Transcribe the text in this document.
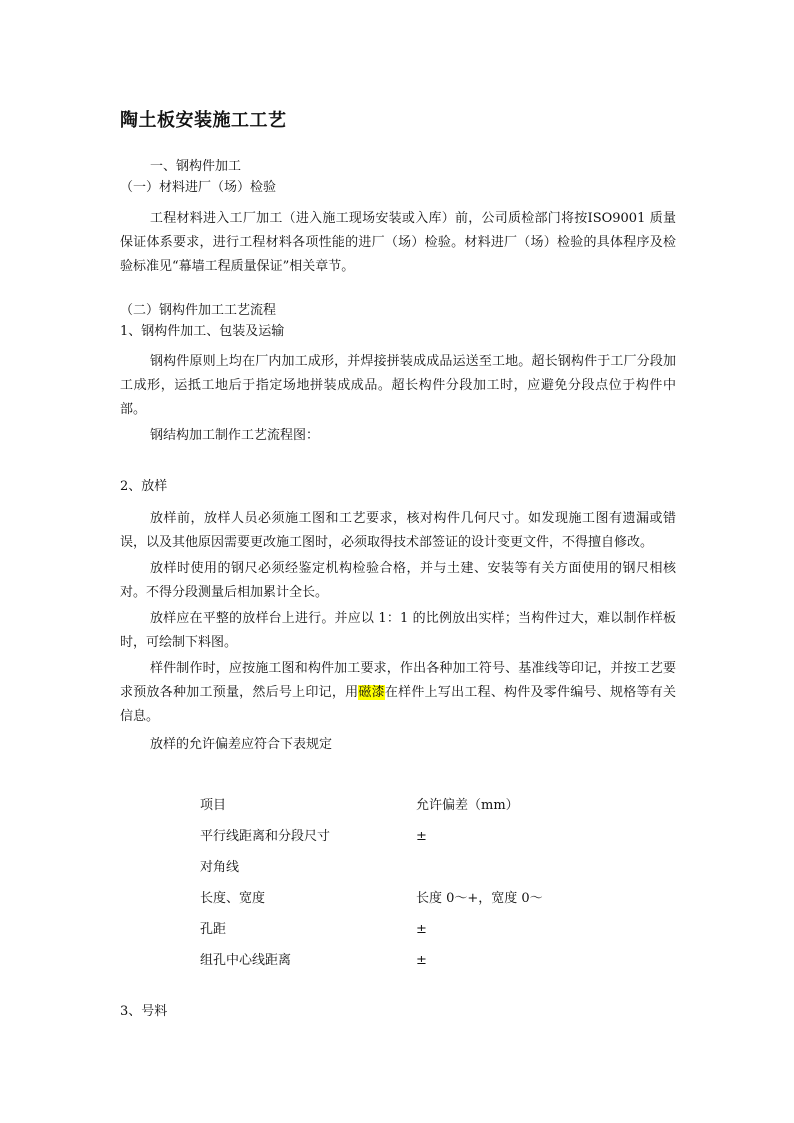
陶土板安装施工工艺
一、钢构件加工
（一）材料进厂（场）检验

工程材料进入工厂加工（进入施工现场安装或入库）前，公司质检部门将按ISO9001 质量保证体系要求，进行工程材料各项性能的进厂（场）检验。材料进厂（场）检验的具体程序及检验标准见“幕墙工程质量保证”相关章节。

（二）钢构件加工工艺流程
1、钢构件加工、包装及运输

钢构件原则上均在厂内加工成形，并焊接拼装成成品运送至工地。超长钢构件于工厂分段加工成形，运抵工地后于指定场地拼装成成品。超长构件分段加工时，应避免分段点位于构件中部。

钢结构加工制作工艺流程图：

2、放样

放样前，放样人员必须施工图和工艺要求，核对构件几何尺寸。如发现施工图有遗漏或错误，以及其他原因需要更改施工图时，必须取得技术部签证的设计变更文件，不得擅自修改。

放样时使用的钢尺必须经鉴定机构检验合格，并与土建、安装等有关方面使用的钢尺相核对。不得分段测量后相加累计全长。

放样应在平整的放样台上进行。并应以 1：1 的比例放出实样；当构件过大，难以制作样板时，可绘制下料图。

样件制作时，应按施工图和构件加工要求，作出各种加工符号、基准线等印记，并按工艺要求预放各种加工预量，然后号上印记，用磁漆在样件上写出工程、构件及零件编号、规格等有关信息。

放样的允许偏差应符合下表规定

项目	允许偏差（mm）
平行线距离和分段尺寸	±
对角线
长度、宽度	长度 0～+，宽度 0～
孔距	±
组孔中心线距离	±
3、号料
